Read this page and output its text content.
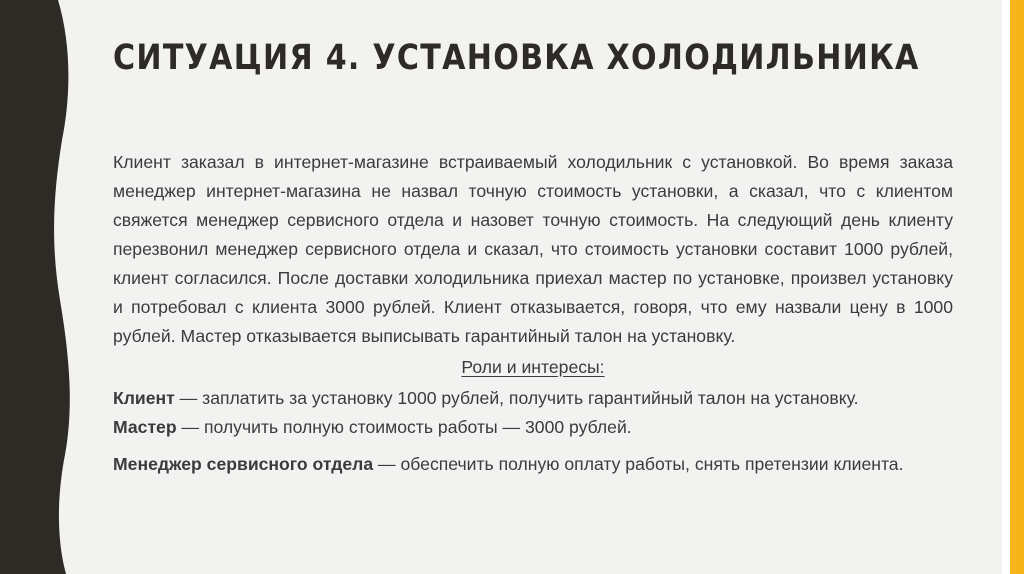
СИТУАЦИЯ 4. УСТАНОВКА ХОЛОДИЛЬНИКА

Клиент заказал в интернет-магазине встраиваемый холодильник с установкой. Во время заказа менеджер интернет-магазина не назвал точную стоимость установки, а сказал, что с клиентом свяжется менеджер сервисного отдела и назовет точную стоимость. На следующий день клиенту перезвонил менеджер сервисного отдела и сказал, что стоимость установки составит 1000 рублей, клиент согласился. После доставки холодильника приехал мастер по установке, произвел установку и потребовал с клиента 3000 рублей. Клиент отказывается, говоря, что ему назвали цену в 1000 рублей. Мастер отказывается выписывать гарантийный талон на установку.

Роли и интересы:

Клиент — заплатить за установку 1000 рублей, получить гарантийный талон на установку.

Мастер — получить полную стоимость работы — 3000 рублей.

Менеджер сервисного отдела — обеспечить полную оплату работы, снять претензии клиента.
